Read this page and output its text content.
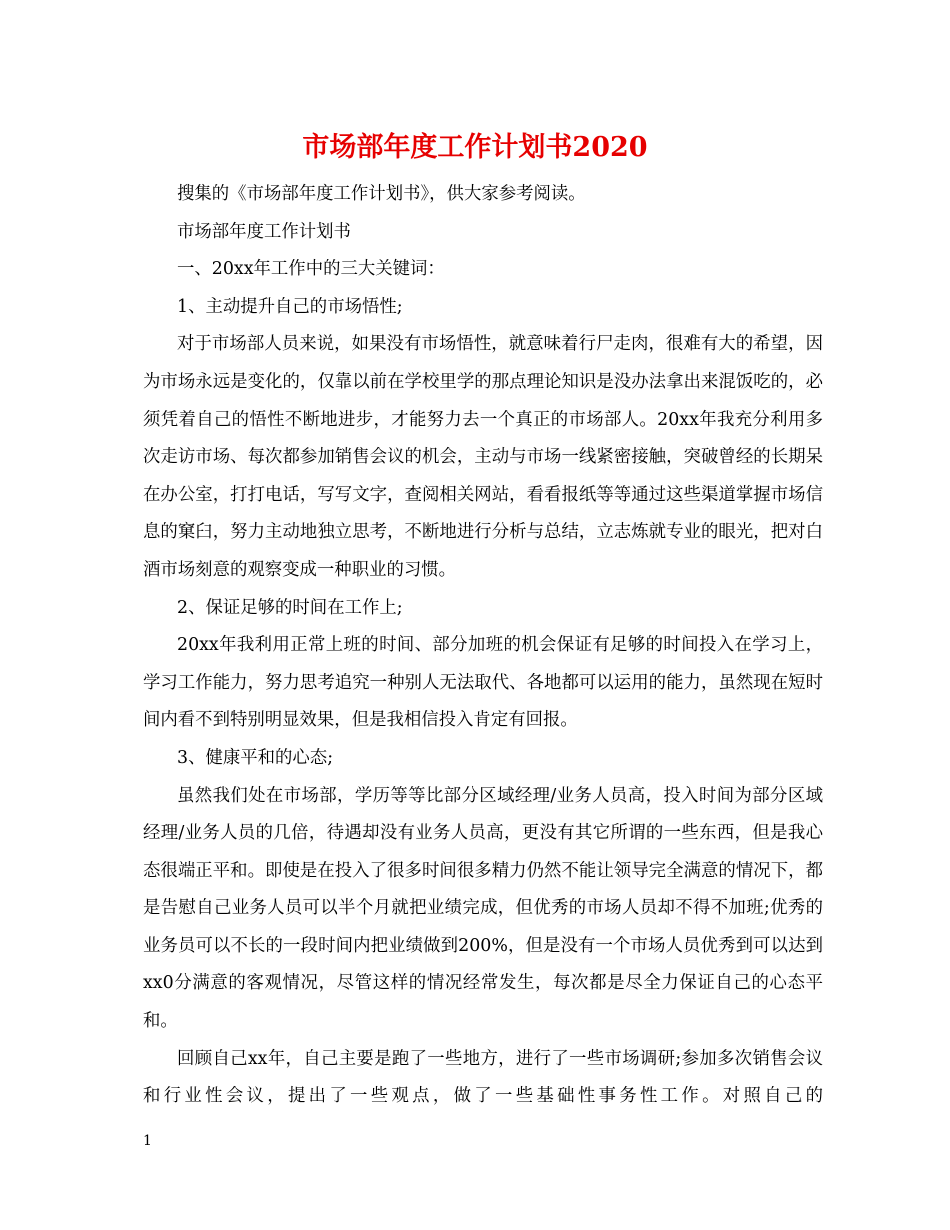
市场部年度工作计划书2020

搜集的《市场部年度工作计划书》，供大家参考阅读。

市场部年度工作计划书

一、20xx年工作中的三大关键词：

1、主动提升自己的市场悟性;

对于市场部人员来说，如果没有市场悟性，就意味着行尸走肉，很难有大的希望，因为市场永远是变化的，仅靠以前在学校里学的那点理论知识是没办法拿出来混饭吃的，必须凭着自己的悟性不断地进步，才能努力去一个真正的市场部人。20xx年我充分利用多次走访市场、每次都参加销售会议的机会，主动与市场一线紧密接触，突破曾经的长期呆在办公室，打打电话，写写文字，查阅相关网站，看看报纸等等通过这些渠道掌握市场信息的窠臼，努力主动地独立思考，不断地进行分析与总结，立志炼就专业的眼光，把对白酒市场刻意的观察变成一种职业的习惯。

2、保证足够的时间在工作上;

20xx年我利用正常上班的时间、部分加班的机会保证有足够的时间投入在学习上，学习工作能力，努力思考追究一种别人无法取代、各地都可以运用的能力，虽然现在短时间内看不到特别明显效果，但是我相信投入肯定有回报。

3、健康平和的心态;

虽然我们处在市场部，学历等等比部分区域经理/业务人员高，投入时间为部分区域经理/业务人员的几倍，待遇却没有业务人员高，更没有其它所谓的一些东西，但是我心态很端正平和。即使是在投入了很多时间很多精力仍然不能让领导完全满意的情况下，都是告慰自己业务人员可以半个月就把业绩完成，但优秀的市场人员却不得不加班;优秀的业务员可以不长的一段时间内把业绩做到200%，但是没有一个市场人员优秀到可以达到xx0分满意的客观情况，尽管这样的情况经常发生，每次都是尽全力保证自己的心态平和。

回顾自己xx年，自己主要是跑了一些地方，进行了一些市场调研;参加多次销售会议和行业性会议，提出了一些观点，做了一些基础性事务性工作。对照自己的

1
